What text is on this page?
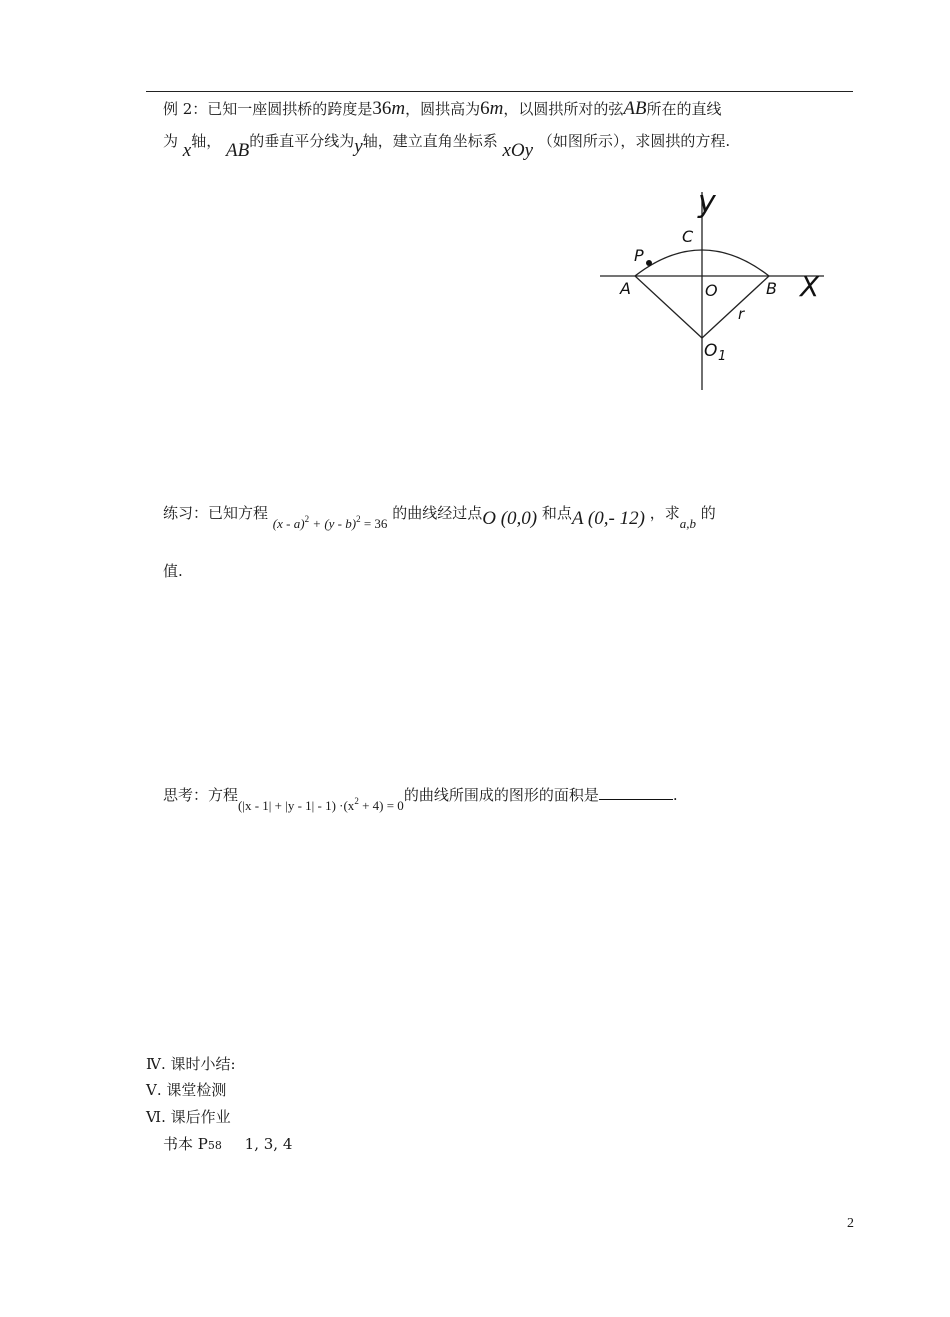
例 2：已知一座圆拱桥的跨度是36m，圆拱高为6m，以圆拱所对的弦AB所在的直线
为 x轴， AB的垂直平分线为y轴，建立直角坐标系 xOy （如图所示），求圆拱的方程.
y
X
P
C
A	O	B
r
O 1
练习：已知方程 (x - a)$^2$ + (y - b)$^2$ = 36 的曲线经过点O (0,0) 和点A (0,- 12) ，求a,b 的
值.
思考：方程$(|x - 1| + |y - 1| - 1) \cdot(x^2 + 4) = 0$的曲线所围成的图形的面积是	.
Ⅳ. 课时小结:
Ⅴ. 课堂检测
Ⅵ. 课后作业
书本 P58 1, 3, 4
2
